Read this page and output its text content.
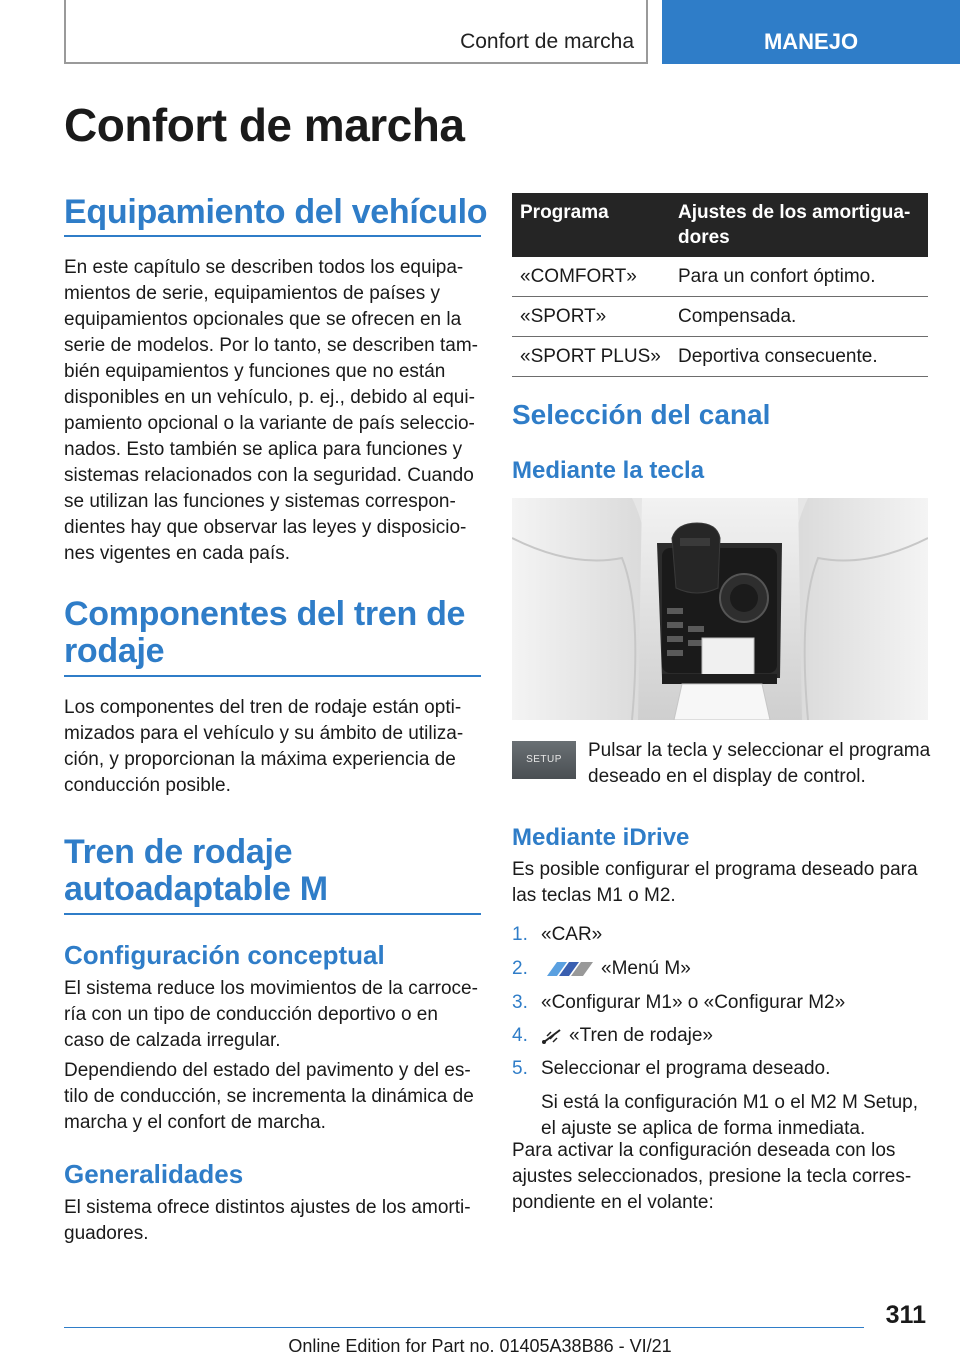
Confort de marcha	MANEJO
Confort de marcha
Equipamiento del vehículo
En este capítulo se describen todos los equipa-
mientos de serie, equipamientos de países y
equipamientos opcionales que se ofrecen en la
serie de modelos. Por lo tanto, se describen tam-
bién equipamientos y funciones que no están
disponibles en un vehículo, p. ej., debido al equi-
pamiento opcional o la variante de país seleccio-
nados. Esto también se aplica para funciones y
sistemas relacionados con la seguridad. Cuando
se utilizan las funciones y sistemas correspon-
dientes hay que observar las leyes y disposicio-
nes vigentes en cada país.
Componentes del tren de
rodaje
Los componentes del tren de rodaje están opti-
mizados para el vehículo y su ámbito de utiliza-
ción, y proporcionan la máxima experiencia de
conducción posible.
Tren de rodaje
autoadaptable M
Configuración conceptual
El sistema reduce los movimientos de la carroce-
ría con un tipo de conducción deportivo o en
caso de calzada irregular.
Dependiendo del estado del pavimento y del es-
tilo de conducción, se incrementa la dinámica de
marcha y el confort de marcha.
Generalidades
El sistema ofrece distintos ajustes de los amorti-
guadores.
Programa	Ajustes de los amortigua-
dores

«COMFORT»	Para un confort óptimo.
«SPORT»	Compensada.
«SPORT PLUS»	Deportiva consecuente.
Selección del canal
Mediante la tecla
SETUP	Pulsar la tecla y seleccionar el programa
deseado en el display de control.
Mediante iDrive
Es posible configurar el programa deseado para
las teclas M1 o M2.
1. «CAR»
2.	«Menú M»
3. «Configurar M1» o «Configurar M2»
4. «Tren de rodaje»
5. Seleccionar el programa deseado.
Si está la configuración M1 o el M2 M Setup,
el ajuste se aplica de forma inmediata.
Para activar la configuración deseada con los
ajustes seleccionados, presione la tecla corres-
pondiente en el volante:
311
Online Edition for Part no. 01405A38B86 - VI/21
